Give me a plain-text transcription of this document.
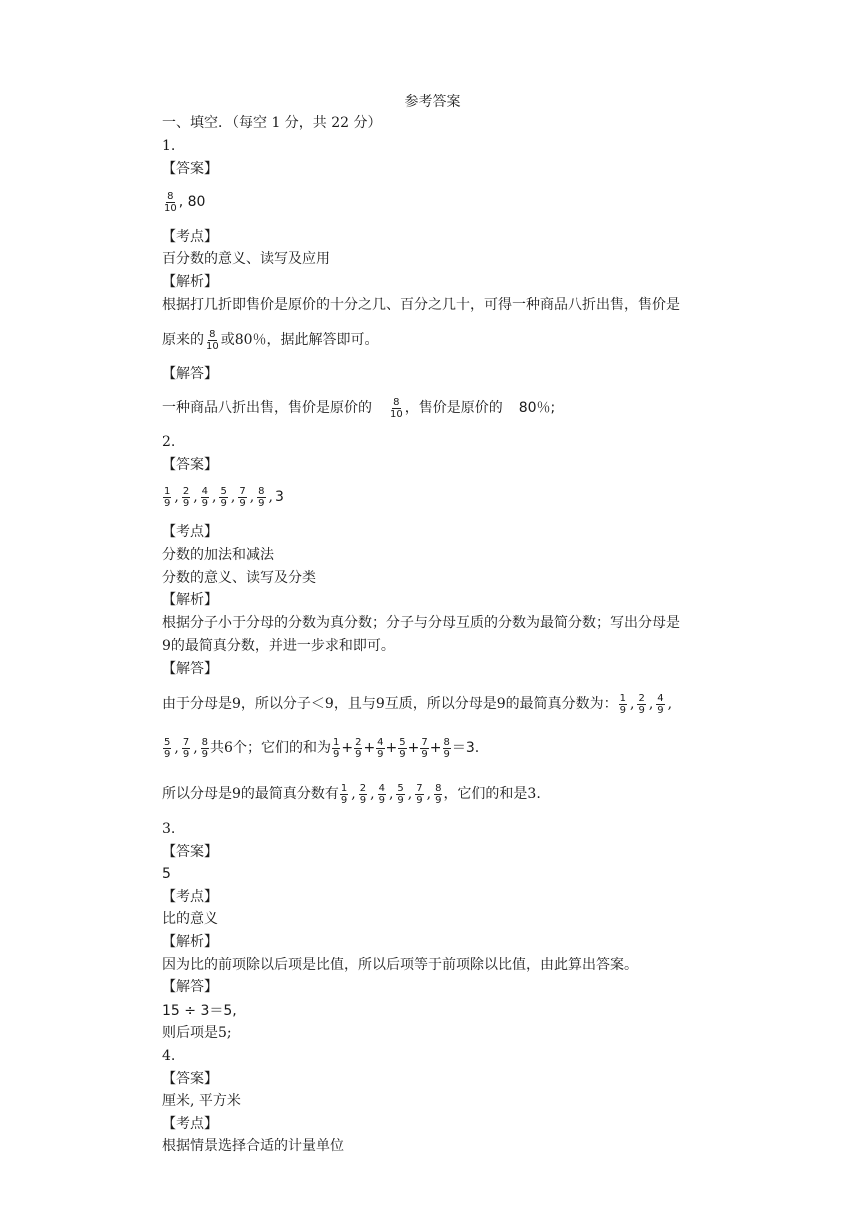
参考答案
一、填空．（每空 1 分，共 22 分）
1.
【答案】
$\frac{8}{10}$ , 80
【考点】
百分数的意义、读写及应用
【解析】
根据打几折即售价是原价的十分之几、百分之几十，可得一种商品八折出售，售价是
原来的 $\frac{8}{10}$ 或80％，据此解答即可。
【解答】
一种商品八折出售，售价是原价的 $\frac{8}{10}$ ，售价是原价的 80％;
2.
【答案】
$\frac{1}{9}$ , $\frac{2}{9}$ , $\frac{4}{9}$ , $\frac{5}{9}$ , $\frac{7}{9}$ , $\frac{8}{9}$ , 3
【考点】
分数的加法和减法
分数的意义、读写及分类
【解析】
根据分子小于分母的分数为真分数；分子与分母互质的分数为最简分数；写出分母是
9的最简真分数，并进一步求和即可。
【解答】
由于分母是9，所以分子＜9，且与9互质，所以分母是9的最简真分数为： $\frac{1}{9}$ , $\frac{2}{9}$ , $\frac{4}{9}$ ,
$\frac{5}{9}$ , $\frac{7}{9}$ , $\frac{8}{9}$ 共6个；它们的和为 $\frac{1}{9} + \frac{2}{9} + \frac{4}{9} + \frac{5}{9} + \frac{7}{9} + \frac{8}{9} =3$.
所以分母是9的最简真分数有 $\frac{1}{9}$ , $\frac{2}{9}$ , $\frac{4}{9}$ , $\frac{5}{9}$ , $\frac{7}{9}$ , $\frac{8}{9}$ ，它们的和是3.
3.
【答案】
5
【考点】
比的意义
【解析】
因为比的前项除以后项是比值，所以后项等于前项除以比值，由此算出答案。
【解答】
15 ÷ 3＝5,
则后项是5;
4.
【答案】
厘米, 平方米
【考点】
根据情景选择合适的计量单位
